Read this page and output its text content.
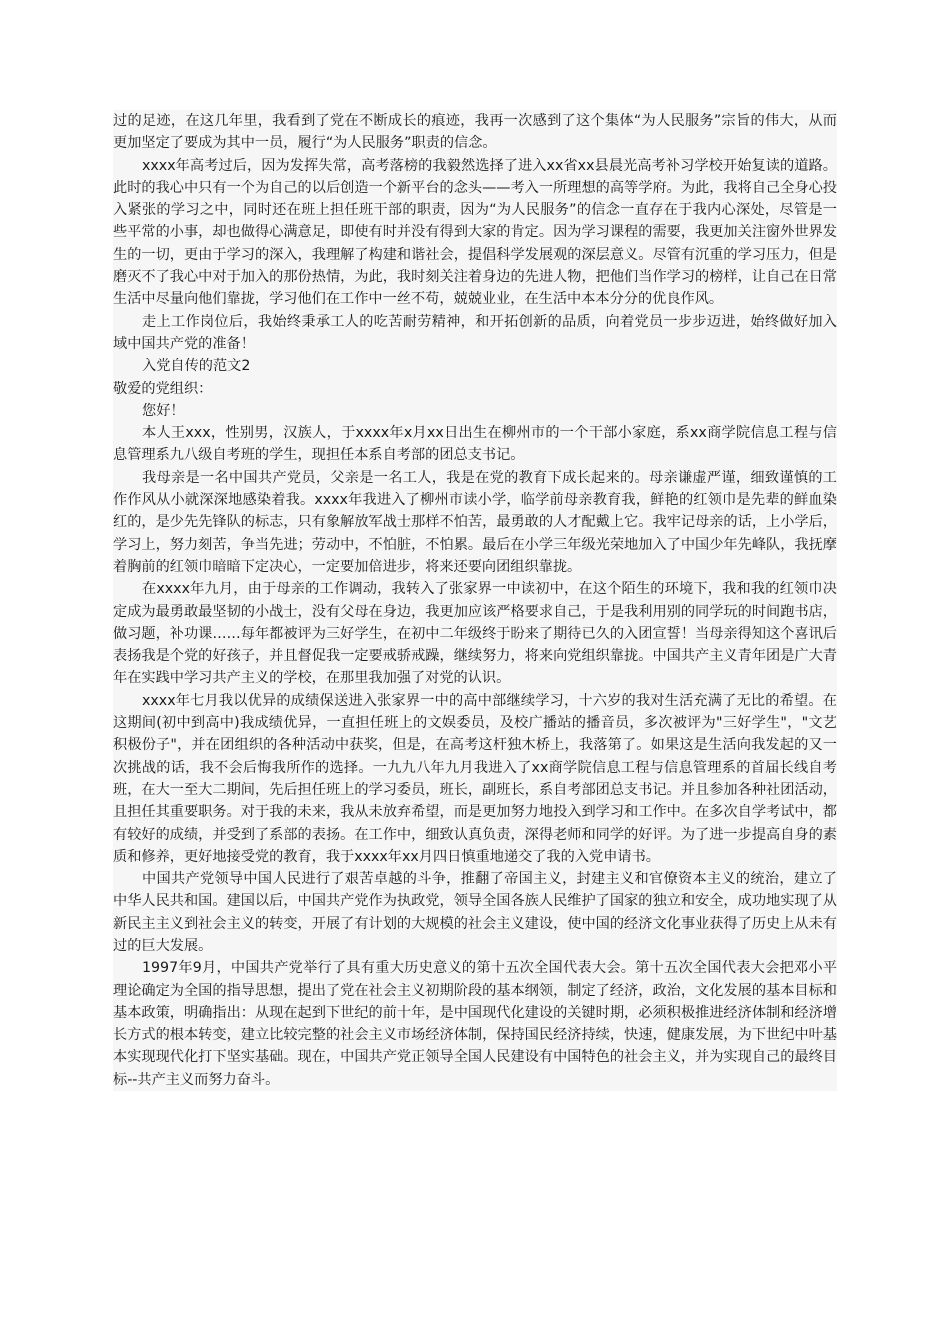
过的足迹，在这几年里，我看到了党在不断成长的痕迹，我再一次感到了这个集体“为人民服务”宗旨的伟大，从而更加坚定了要成为其中一员，履行“为人民服务”职责的信念。

xxxx年高考过后，因为发挥失常，高考落榜的我毅然选择了进入xx省xx县晨光高考补习学校开始复读的道路。此时的我心中只有一个为自己的以后创造一个新平台的念头——考入一所理想的高等学府。为此，我将自己全身心投入紧张的学习之中，同时还在班上担任班干部的职责，因为“为人民服务”的信念一直存在于我内心深处，尽管是一些平常的小事，却也做得心满意足，即使有时并没有得到大家的肯定。因为学习课程的需要，我更加关注窗外世界发生的一切，更由于学习的深入，我理解了构建和谐社会，提倡科学发展观的深层意义。尽管有沉重的学习压力，但是磨灭不了我心中对于加入的那份热情，为此，我时刻关注着身边的先进人物，把他们当作学习的榜样，让自己在日常生活中尽量向他们靠拢，学习他们在工作中一丝不苟，兢兢业业，在生活中本本分分的优良作风。

走上工作岗位后，我始终秉承工人的吃苦耐劳精神，和开拓创新的品质，向着党员一步步迈进，始终做好加入域中国共产党的准备！

入党自传的范文2

敬爱的党组织：

您好！

本人王xxx，性别男，汉族人，于xxxx年x月xx日出生在柳州市的一个干部小家庭，系xx商学院信息工程与信息管理系九八级自考班的学生，现担任本系自考部的团总支书记。

我母亲是一名中国共产党员，父亲是一名工人，我是在党的教育下成长起来的。母亲谦虚严谨，细致谨慎的工作作风从小就深深地感染着我。xxxx年我进入了柳州市读小学，临学前母亲教育我，鲜艳的红领巾是先辈的鲜血染红的，是少先先锋队的标志，只有象解放军战士那样不怕苦，最勇敢的人才配戴上它。我牢记母亲的话，上小学后，学习上，努力刻苦，争当先进；劳动中，不怕脏，不怕累。最后在小学三年级光荣地加入了中国少年先峰队，我抚摩着胸前的红领巾暗暗下定决心，一定要加倍进步，将来还要向团组织靠拢。

在xxxx年九月，由于母亲的工作调动，我转入了张家界一中读初中，在这个陌生的环境下，我和我的红领巾决定成为最勇敢最坚韧的小战士，没有父母在身边，我更加应该严格要求自己，于是我利用别的同学玩的时间跑书店，做习题，补功课……每年都被评为三好学生，在初中二年级终于盼来了期待已久的入团宣誓！当母亲得知这个喜讯后表扬我是个党的好孩子，并且督促我一定要戒骄戒躁，继续努力，将来向党组织靠拢。中国共产主义青年团是广大青年在实践中学习共产主义的学校，在那里我加强了对党的认识。

xxxx年七月我以优异的成绩保送进入张家界一中的高中部继续学习，十六岁的我对生活充满了无比的希望。在这期间(初中到高中)我成绩优异，一直担任班上的文娱委员，及校广播站的播音员，多次被评为"三好学生"，"文艺积极份子"，并在团组织的各种活动中获奖，但是，在高考这杆独木桥上，我落第了。如果这是生活向我发起的又一次挑战的话，我不会后悔我所作的选择。一九九八年九月我进入了xx商学院信息工程与信息管理系的首届长线自考班，在大一至大二期间，先后担任班上的学习委员，班长，副班长，系自考部团总支书记。并且参加各种社团活动，且担任其重要职务。对于我的未来，我从未放弃希望，而是更加努力地投入到学习和工作中。在多次自学考试中，都有较好的成绩，并受到了系部的表扬。在工作中，细致认真负责，深得老师和同学的好评。为了进一步提高自身的素质和修养，更好地接受党的教育，我于xxxx年xx月四日慎重地递交了我的入党申请书。

中国共产党领导中国人民进行了艰苦卓越的斗争，推翻了帝国主义，封建主义和官僚资本主义的统治，建立了中华人民共和国。建国以后，中国共产党作为执政党，领导全国各族人民维护了国家的独立和安全，成功地实现了从新民主主义到社会主义的转变，开展了有计划的大规模的社会主义建设，使中国的经济文化事业获得了历史上从未有过的巨大发展。

1997年9月，中国共产党举行了具有重大历史意义的第十五次全国代表大会。第十五次全国代表大会把邓小平理论确定为全国的指导思想，提出了党在社会主义初期阶段的基本纲领，制定了经济，政治，文化发展的基本目标和基本政策，明确指出：从现在起到下世纪的前十年，是中国现代化建设的关键时期，必须积极推进经济体制和经济增长方式的根本转变，建立比较完整的社会主义市场经济体制，保持国民经济持续，快速，健康发展，为下世纪中叶基本实现现代化打下坚实基础。现在，中国共产党正领导全国人民建设有中国特色的社会主义，并为实现自己的最终目标--共产主义而努力奋斗。
